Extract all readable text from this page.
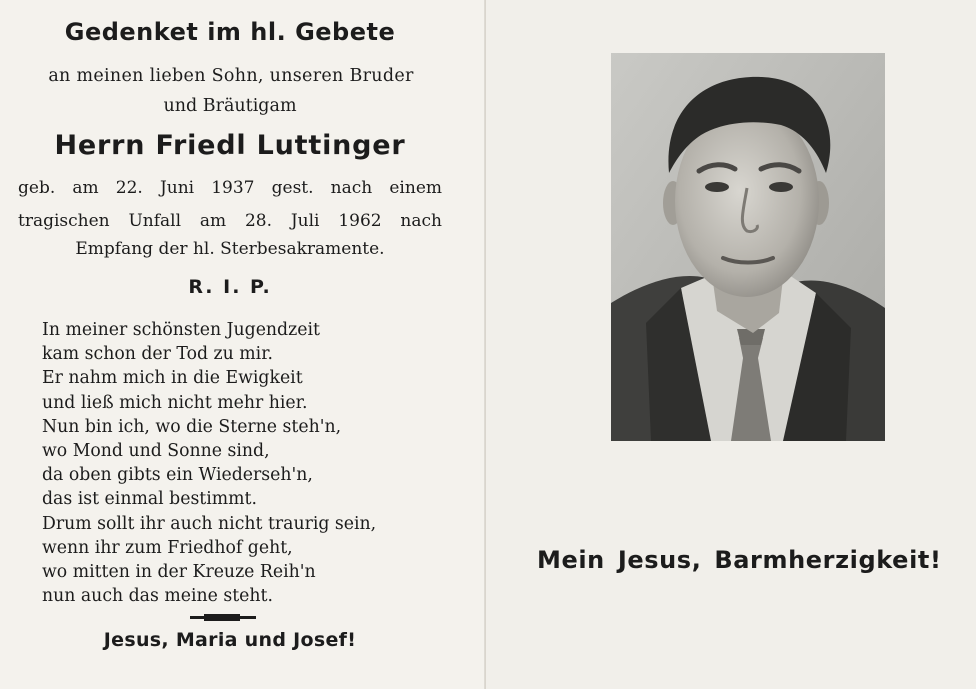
Gedenket im hl. Gebete
an meinen lieben Sohn, unseren Bruder
und Bräutigam
Herrn Friedl Luttinger
geb. am 22. Juni 1937 gest. nach einem
tragischen Unfall am 28. Juli 1962 nach
Empfang der hl. Sterbesakramente.
R. I. P.
In meiner schönsten Jugendzeit
kam schon der Tod zu mir.
Er nahm mich in die Ewigkeit
und ließ mich nicht mehr hier.
Nun bin ich, wo die Sterne steh'n,
wo Mond und Sonne sind,
da oben gibts ein Wiederseh'n,
das ist einmal bestimmt.
Drum sollt ihr auch nicht traurig sein,
wenn ihr zum Friedhof geht,
wo mitten in der Kreuze Reih'n
nun auch das meine steht.
Jesus, Maria und Josef!
Mein Jesus, Barmherzigkeit!
